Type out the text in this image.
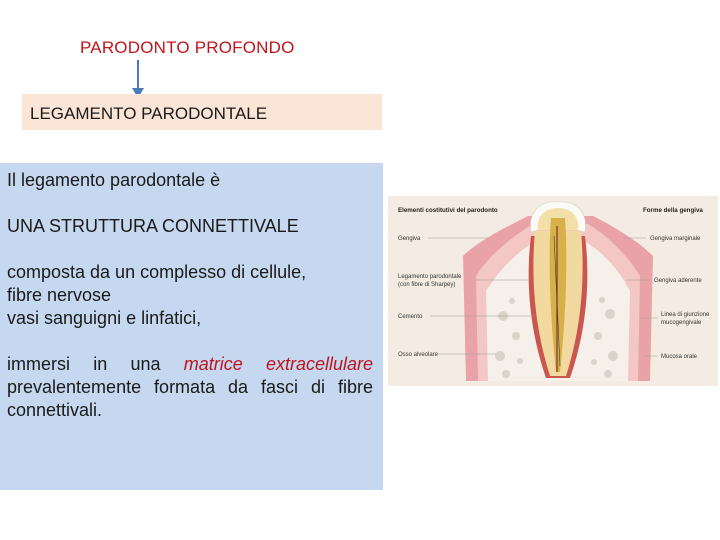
PARODONTO PROFONDO
LEGAMENTO PARODONTALE

Il legamento parodontale è

UNA STRUTTURA CONNETTIVALE

composta da un complesso di cellule,
fibre nervose
vasi sanguigni e linfatici,

immersi in una matrice extracellulare prevalentemente formata da fasci di fibre connettivali.

Elementi costitutivi del parodonto	Forme della gengiva
Gengiva
Legamento parodontale
(con fibre di Sharpey)
Cemento
Osso alveolare
Gengiva marginale
Gengiva aderente
Linea di giunzione
mucogengivale
Mucosa orale
